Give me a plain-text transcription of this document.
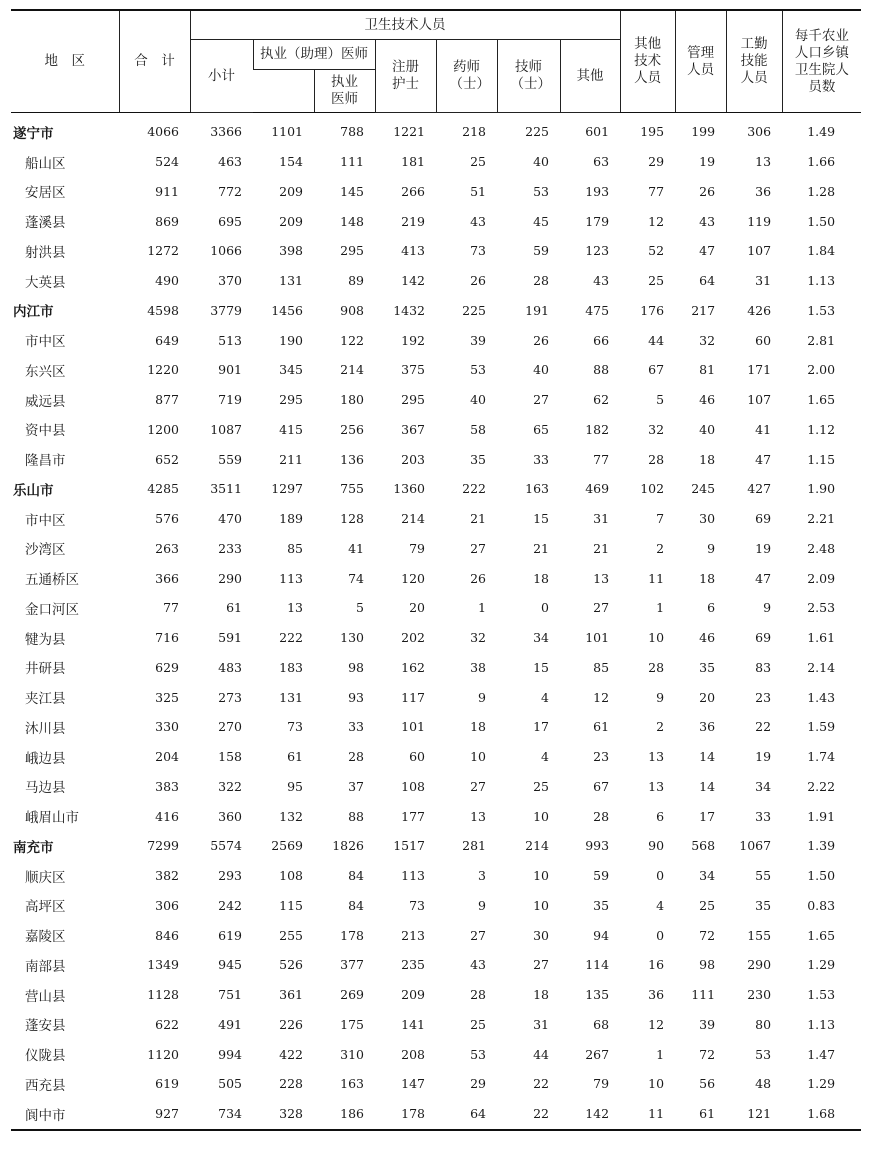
地　区	合　计	卫生技术人员							其他技术人员	管理人员	工勤技能人员	每千农业人口乡镇卫生院人员数
		小计	执业（助理）医师		注册护士	药师（士）	技师（士）	其他				
				执业医师								
遂宁市	4066	3366	1101	788	1221	218	225	601	195	199	306	1.49
船山区	524	463	154	111	181	25	40	63	29	19	13	1.66
安居区	911	772	209	145	266	51	53	193	77	26	36	1.28
蓬溪县	869	695	209	148	219	43	45	179	12	43	119	1.50
射洪县	1272	1066	398	295	413	73	59	123	52	47	107	1.84
大英县	490	370	131	89	142	26	28	43	25	64	31	1.13
内江市	4598	3779	1456	908	1432	225	191	475	176	217	426	1.53
市中区	649	513	190	122	192	39	26	66	44	32	60	2.81
东兴区	1220	901	345	214	375	53	40	88	67	81	171	2.00
威远县	877	719	295	180	295	40	27	62	5	46	107	1.65
资中县	1200	1087	415	256	367	58	65	182	32	40	41	1.12
隆昌市	652	559	211	136	203	35	33	77	28	18	47	1.15
乐山市	4285	3511	1297	755	1360	222	163	469	102	245	427	1.90
市中区	576	470	189	128	214	21	15	31	7	30	69	2.21
沙湾区	263	233	85	41	79	27	21	21	2	9	19	2.48
五通桥区	366	290	113	74	120	26	18	13	11	18	47	2.09
金口河区	77	61	13	5	20	1	0	27	1	6	9	2.53
犍为县	716	591	222	130	202	32	34	101	10	46	69	1.61
井研县	629	483	183	98	162	38	15	85	28	35	83	2.14
夹江县	325	273	131	93	117	9	4	12	9	20	23	1.43
沐川县	330	270	73	33	101	18	17	61	2	36	22	1.59
峨边县	204	158	61	28	60	10	4	23	13	14	19	1.74
马边县	383	322	95	37	108	27	25	67	13	14	34	2.22
峨眉山市	416	360	132	88	177	13	10	28	6	17	33	1.91
南充市	7299	5574	2569	1826	1517	281	214	993	90	568	1067	1.39
顺庆区	382	293	108	84	113	3	10	59	0	34	55	1.50
高坪区	306	242	115	84	73	9	10	35	4	25	35	0.83
嘉陵区	846	619	255	178	213	27	30	94	0	72	155	1.65
南部县	1349	945	526	377	235	43	27	114	16	98	290	1.29
营山县	1128	751	361	269	209	28	18	135	36	111	230	1.53
蓬安县	622	491	226	175	141	25	31	68	12	39	80	1.13
仪陇县	1120	994	422	310	208	53	44	267	1	72	53	1.47
西充县	619	505	228	163	147	29	22	79	10	56	48	1.29
阆中市	927	734	328	186	178	64	22	142	11	61	121	1.68
